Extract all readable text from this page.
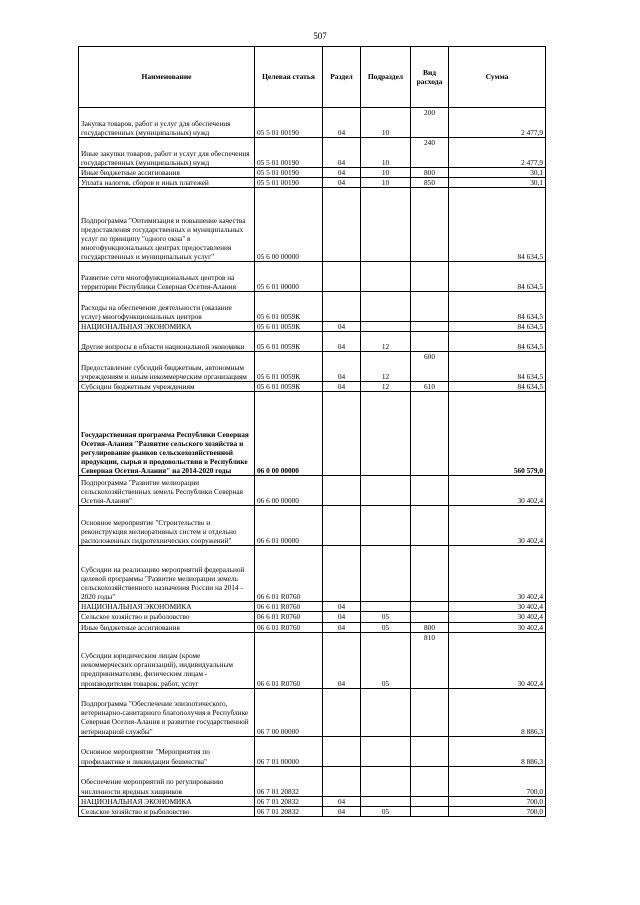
507
Наименование	Целевая статья	Раздел	Подраздел	Вид расхода	Сумма
Закупка товаров, работ и услуг для обеспечения государственных (муниципальных) нужд	05 5 01 00190	04	10	200	2 477,9
Иные закупки товаров, работ и услуг для обеспечения государственных (муниципальных) нужд	05 5 01 00190	04	10	240	2 477,9
Иные бюджетные ассигнования	05 5 01 00190	04	10	800	30,1
Уплата налогов, сборов и иных платежей	05 5 01 00190	04	10	850	30,1
Подпрограмма "Оптимизация и повышение качества предоставления государственных и муниципальных услуг по принципу "одного окна" в многофункциональных центрах предоставления государственных и муниципальных услуг"	05 6 00 00000				84 634,5
Развитие сети многофункциональных центров на территории Республики Северная Осетия-Алания	05 6 01 00000				84 634,5
Расходы на обеспечение деятельности (оказание услуг) многофункциональных центров	05 6 01 0059К				84 634,5
НАЦИОНАЛЬНАЯ ЭКОНОМИКА	05 6 01 0059К	04			84 634,5
Другие вопросы в области национальной экономики	05 6 01 0059К	04	12		84 634,5
Предоставление субсидий бюджетным, автономным учреждениям и иным некоммерческим организациям	05 6 01 0059К	04	12	600	84 634,5
Субсидии бюджетным учреждениям	05 6 01 0059К	04	12	610	84 634,5
Государственная программа Республики Северная Осетия-Алания "Развитие сельского хозяйства и регулирование рынков сельскохозяйственной продукции, сырья и продовольствия в Республике Северная Осетия-Алания" на 2014-2020 годы	06 0 00 00000				560 579,0
Подпрограмма "Развитие мелиорации сельскохозяйственных земель Республики Северная Осетия-Алания"	06 6 00 00000				30 402,4
Основное мероприятие "Строительство и реконструкция мелиоративных систем и отдельно расположенных гидротехнических сооружений"	06 6 01 00000				30 402,4
Субсидии на реализацию мероприятий федеральной целевой программы "Развитие мелиорации земель сельскохозяйственного назначения России на 2014 - 2020 годы"	06 6 01 R0760				30 402,4
НАЦИОНАЛЬНАЯ ЭКОНОМИКА	06 6 01 R0760	04			30 402,4
Сельское хозяйство и рыболовство	06 6 01 R0760	04	05		30 402,4
Иные бюджетные ассигнования	06 6 01 R0760	04	05	800	30 402,4
Субсидии юридическим лицам (кроме некоммерческих организаций), индивидуальным предпринимателям, физическим лицам - производителям товаров, работ, услуг	06 6 01 R0760	04	05	810	30 402,4
Подпрограмма "Обеспечение эпизоотического, ветеринарно-санитарного благополучия в Республике Северная Осетия-Алания и развитие государственной ветеринарной службы"	06 7 00 00000				8 886,3
Основное мероприятие "Мероприятия по профилактике и ликвидации бешенства"	06 7 01 00000				8 886,3
Обеспечение мероприятий по регулированию численности вредных хищников	06 7 01 20832				700,0
НАЦИОНАЛЬНАЯ ЭКОНОМИКА	06 7 01 20832	04			700,0
Сельское хозяйство и рыболовство	06 7 01 20832	04	05		700,0
